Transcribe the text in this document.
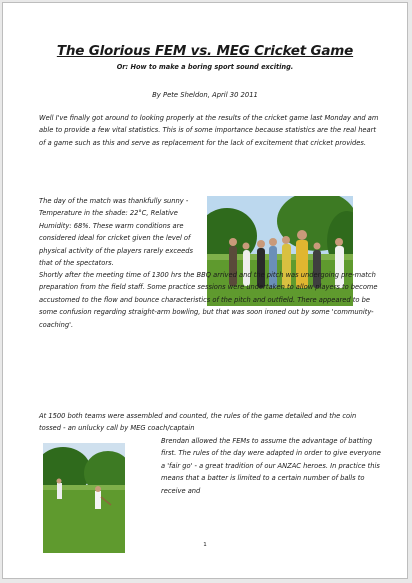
The Glorious FEM vs. MEG Cricket Game
Or: How to make a boring sport sound exciting.
By Pete Sheldon, April 30 2011

Well I've finally got around to looking properly at the results of the cricket game last Monday and am able to provide a few vital statistics. This is of some importance because statistics are the real heart of a game such as this and serve as replacement for the lack of excitement that cricket provides.

The day of the match was thankfully sunny - Temperature in the shade: 22°C, Relative Humidity: 68%. These warm conditions are considered ideal for cricket given the level of physical activity of the players rarely exceeds that of the spectators.

Shortly after the meeting time of 1300 hrs the BBQ arrived and the pitch was undergoing pre-match preparation from the field staff. Some practice sessions were undertaken to allow players to become accustomed to the flow and bounce characteristics of the pitch and outfield. There appeared to be some confusion regarding straight-arm bowling, but that was soon ironed out by some 'community-coaching'.

At 1500 both teams were assembled and counted, the rules of the game detailed and the coin tossed - an unlucky call by MEG coach/captain

Brendan allowed the FEMs to assume the advantage of batting first. The rules of the day were adapted in order to give everyone a 'fair go' - a great tradition of our ANZAC heroes. In practice this means that a batter is limited to a certain number of balls to receive and

1
